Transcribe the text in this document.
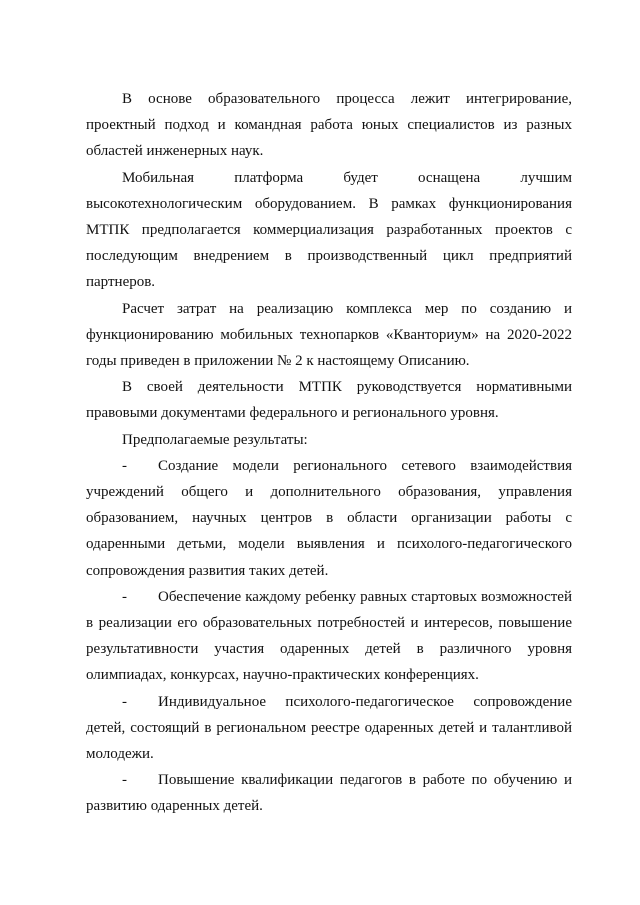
В основе образовательного процесса лежит интегрирование, проектный подход и командная работа юных специалистов из разных областей инженерных наук.

Мобильная платформа будет оснащена лучшим высокотехнологическим оборудованием. В рамках функционирования МТПК предполагается коммерциализация разработанных проектов с последующим внедрением в производственный цикл предприятий партнеров.

Расчет затрат на реализацию комплекса мер по созданию и функционированию мобильных технопарков «Кванториум» на 2020-2022 годы приведен в приложении № 2 к настоящему Описанию.

В своей деятельности МТПК руководствуется нормативными правовыми документами федерального и регионального уровня.

Предполагаемые результаты:

- Создание модели регионального сетевого взаимодействия учреждений общего и дополнительного образования, управления образованием, научных центров в области организации работы с одаренными детьми, модели выявления и психолого-педагогического сопровождения развития таких детей.

- Обеспечение каждому ребенку равных стартовых возможностей в реализации его образовательных потребностей и интересов, повышение результативности участия одаренных детей в различного уровня олимпиадах, конкурсах, научно-практических конференциях.

- Индивидуальное психолого-педагогическое сопровождение детей, состоящий в региональном реестре одаренных детей и талантливой молодежи.

- Повышение квалификации педагогов в работе по обучению и развитию одаренных детей.
